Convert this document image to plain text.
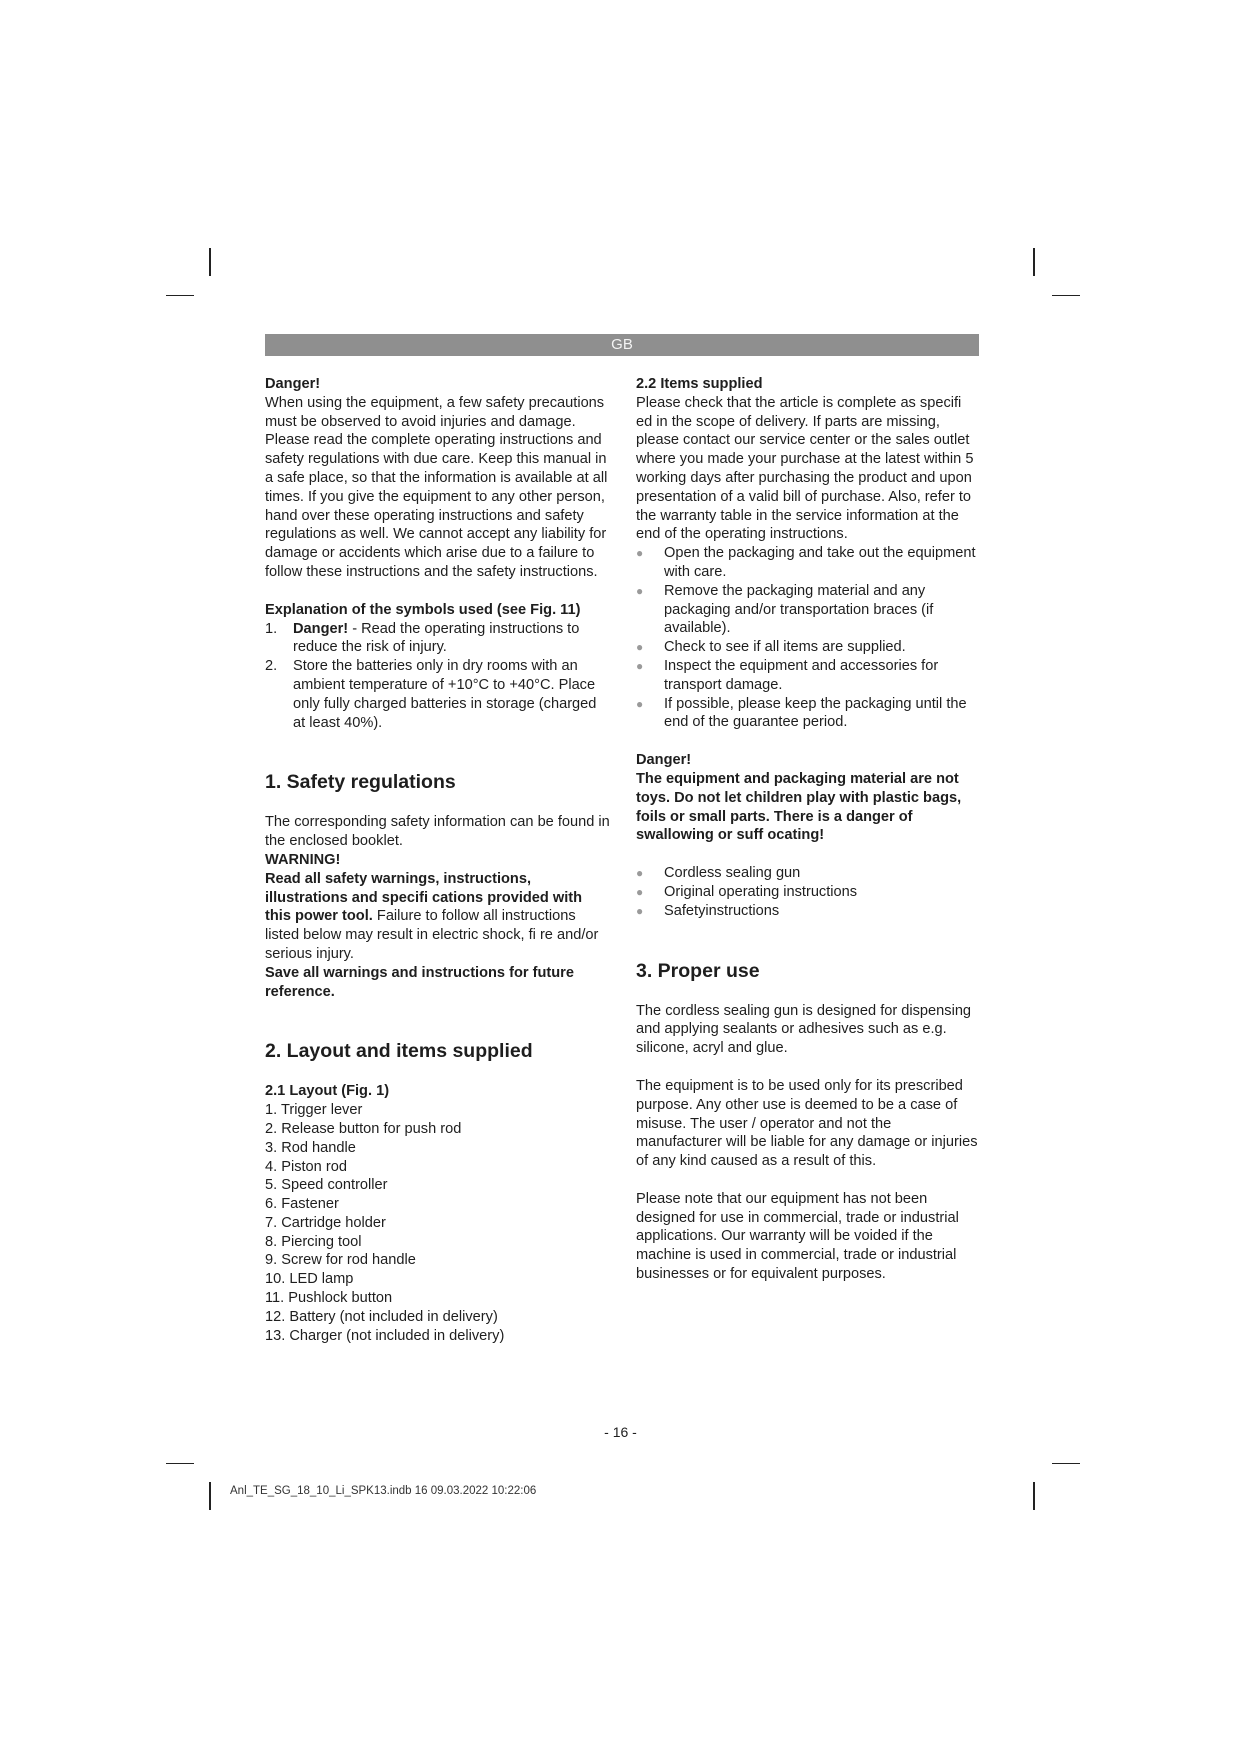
GB

Danger!

When using the equipment, a few safety precautions must be observed to avoid injuries and damage. Please read the complete operating instructions and safety regulations with due care. Keep this manual in a safe place, so that the information is available at all times. If you give the equipment to any other person, hand over these operating instructions and safety regulations as well. We cannot accept any liability for damage or accidents which arise due to a failure to follow these instructions and the safety instructions.

Explanation of the symbols used (see Fig. 11)

1. Danger! - Read the operating instructions to reduce the risk of injury.
2. Store the batteries only in dry rooms with an ambient temperature of +10°C to +40°C. Place only fully charged batteries in storage (charged at least 40%).

1. Safety regulations

The corresponding safety information can be found in the enclosed booklet.

WARNING!

Read all safety warnings, instructions, illustrations and specifi cations provided with this power tool. Failure to follow all instructions listed below may result in electric shock, fi re and/or serious injury.

Save all warnings and instructions for future reference.

2. Layout and items supplied

2.1 Layout (Fig. 1)

1. Trigger lever
2. Release button for push rod
3. Rod handle
4. Piston rod
5. Speed controller
6. Fastener
7. Cartridge holder
8. Piercing tool
9. Screw for rod handle
10. LED lamp
11. Pushlock button
12. Battery (not included in delivery)
13. Charger (not included in delivery)

2.2 Items supplied

Please check that the article is complete as specifi ed in the scope of delivery. If parts are missing, please contact our service center or the sales outlet where you made your purchase at the latest within 5 working days after purchasing the product and upon presentation of a valid bill of purchase. Also, refer to the warranty table in the service information at the end of the operating instructions.

● Open the packaging and take out the equipment with care.
● Remove the packaging material and any packaging and/or transportation braces (if available).
● Check to see if all items are supplied.
● Inspect the equipment and accessories for transport damage.
● If possible, please keep the packaging until the end of the guarantee period.

Danger!

The equipment and packaging material are not toys. Do not let children play with plastic bags, foils or small parts. There is a danger of swallowing or suff ocating!

● Cordless sealing gun
● Original operating instructions
● Safetyinstructions

3. Proper use

The cordless sealing gun is designed for dispensing and applying sealants or adhesives such as e.g. silicone, acryl and glue.

The equipment is to be used only for its prescribed purpose. Any other use is deemed to be a case of misuse. The user / operator and not the manufacturer will be liable for any damage or injuries of any kind caused as a result of this.

Please note that our equipment has not been designed for use in commercial, trade or industrial applications. Our warranty will be voided if the machine is used in commercial, trade or industrial businesses or for equivalent purposes.

- 16 -
Anl_TE_SG_18_10_Li_SPK13.indb 16 09.03.2022 10:22:06
